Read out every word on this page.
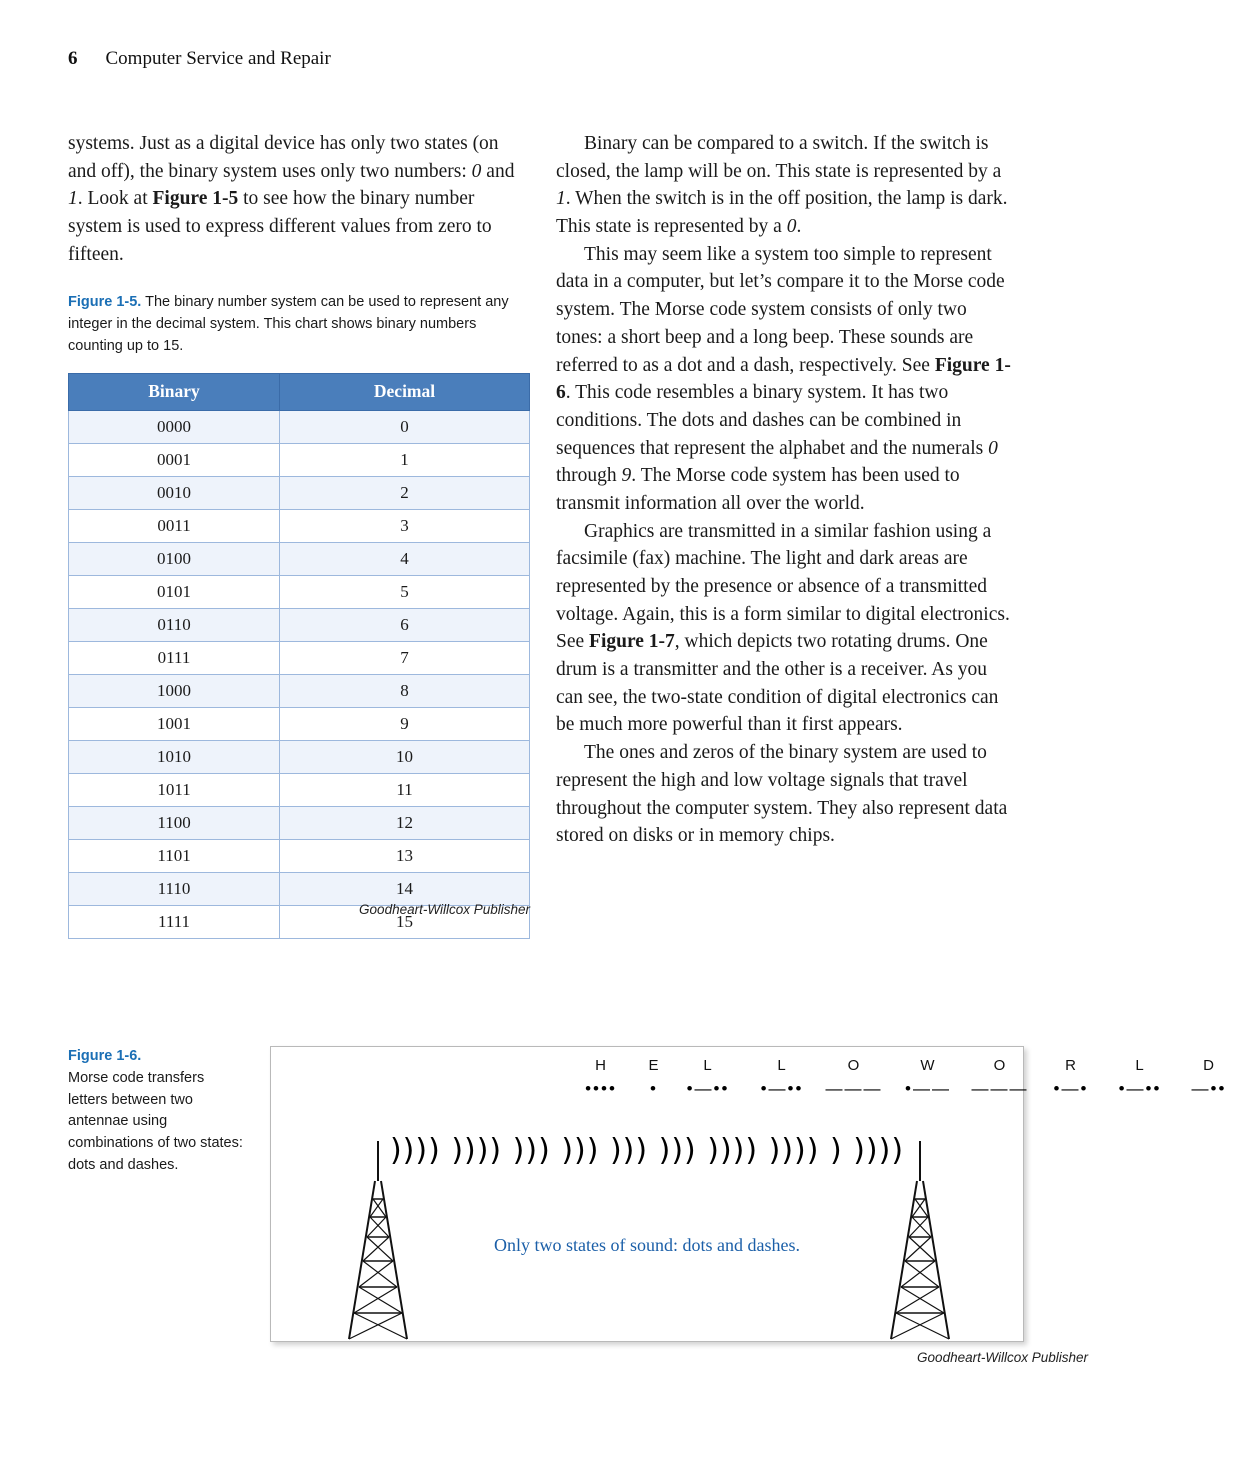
6 Computer Service and Repair

systems. Just as a digital device has only two states (on and off), the binary system uses only two numbers: 0 and 1. Look at Figure 1-5 to see how the binary number system is used to express different values from zero to fifteen.

Figure 1-5. The binary number system can be used to represent any integer in the decimal system. This chart shows binary numbers counting up to 15.
Binary	Decimal
0000	0
0001	1
0010	2
0011	3
0100	4
0101	5
0110	6
0111	7
1000	8
1001	9
1010	10
1011	11
1100	12
1101	13
1110	14
1111	15
Goodheart-Willcox Publisher

Binary can be compared to a switch. If the switch is closed, the lamp will be on. This state is represented by a 1. When the switch is in the off position, the lamp is dark. This state is represented by a 0.

This may seem like a system too simple to represent data in a computer, but let’s compare it to the Morse code system. The Morse code system consists of only two tones: a short beep and a long beep. These sounds are referred to as a dot and a dash, respectively. See Figure 1-6. This code resembles a binary system. It has two conditions. The dots and dashes can be combined in sequences that represent the alphabet and the numerals 0 through 9. The Morse code system has been used to transmit information all over the world.

Graphics are transmitted in a similar fashion using a facsimile (fax) machine. The light and dark areas are represented by the presence or absence of a transmitted voltage. Again, this is a form similar to digital electronics. See Figure 1-7, which depicts two rotating drums. One drum is a transmitter and the other is a receiver. As you can see, the two-state condition of digital electronics can be much more powerful than it first appears.

The ones and zeros of the binary system are used to represent the high and low voltage signals that travel throughout the computer system. They also represent data stored on disks or in memory chips.

Figure 1-6.
Morse code transfers letters between two antennae using combinations of two states: dots and dashes.
H
••••
E
•
L
•—••
L
•—••
O
———
W
•——
O
———
R
•—•
L
•—••
D
—••
)))) )))) ))) ))) ))) ))) )))) )))) ) ))))
Only two states of sound: dots and dashes.
Goodheart-Willcox Publisher
